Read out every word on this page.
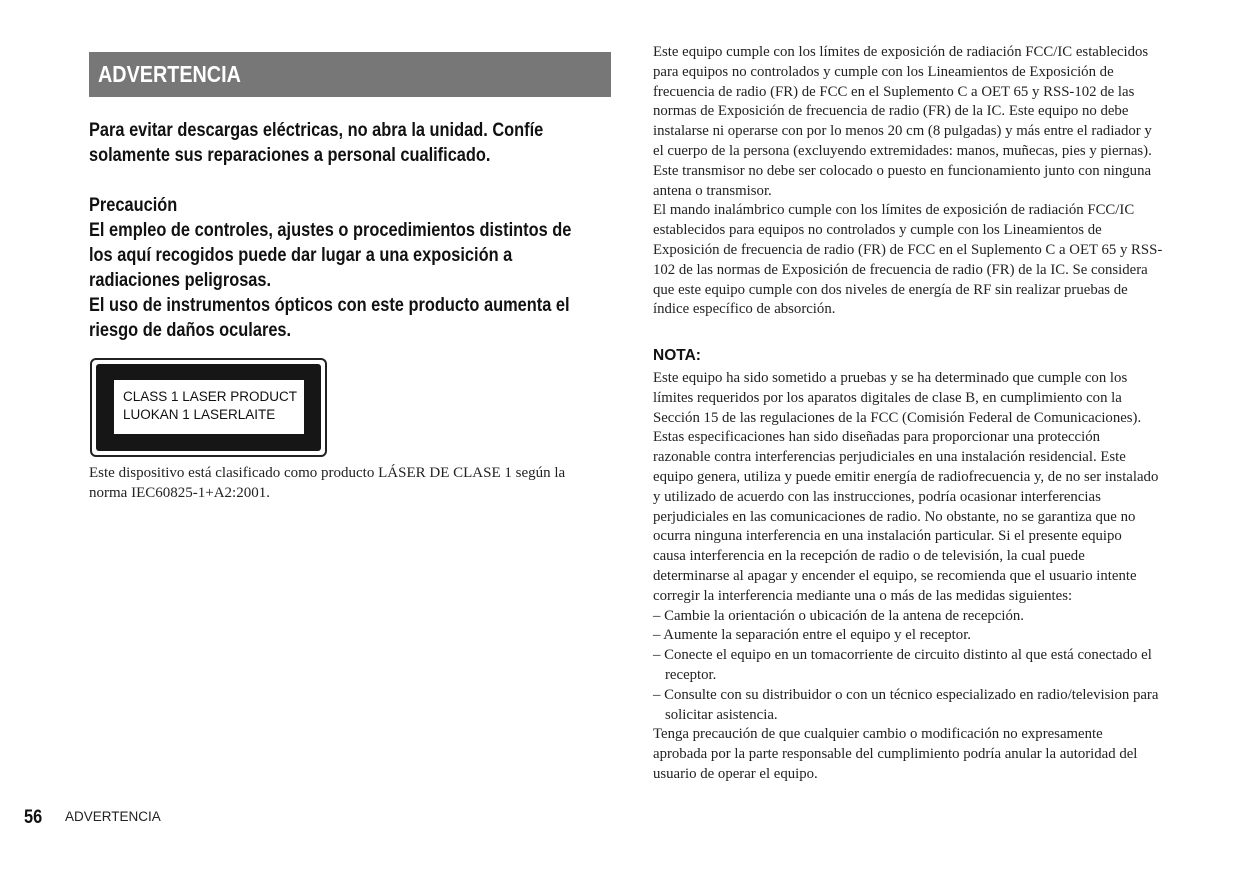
ADVERTENCIA
Para evitar descargas eléctricas, no abra la unidad. Confíe
solamente sus reparaciones a personal cualificado.
Precaución
El empleo de controles, ajustes o procedimientos distintos de
los aquí recogidos puede dar lugar a una exposición a
radiaciones peligrosas.
El uso de instrumentos ópticos con este producto aumenta el
riesgo de daños oculares.
CLASS 1 LASER PRODUCT
LUOKAN 1 LASERLAITE
Este dispositivo está clasificado como producto LÁSER DE CLASE 1 según la
norma IEC60825-1+A2:2001.
Este equipo cumple con los límites de exposición de radiación FCC/IC establecidos
para equipos no controlados y cumple con los Lineamientos de Exposición de
frecuencia de radio (FR) de FCC en el Suplemento C a OET 65 y RSS-102 de las
normas de Exposición de frecuencia de radio (FR) de la IC. Este equipo no debe
instalarse ni operarse con por lo menos 20 cm (8 pulgadas) y más entre el radiador y
el cuerpo de la persona (excluyendo extremidades: manos, muñecas, pies y piernas).
Este transmisor no debe ser colocado o puesto en funcionamiento junto con ninguna
antena o transmisor.
El mando inalámbrico cumple con los límites de exposición de radiación FCC/IC
establecidos para equipos no controlados y cumple con los Lineamientos de
Exposición de frecuencia de radio (FR) de FCC en el Suplemento C a OET 65 y RSS-
102 de las normas de Exposición de frecuencia de radio (FR) de la IC. Se considera
que este equipo cumple con dos niveles de energía de RF sin realizar pruebas de
índice específico de absorción.
NOTA:
Este equipo ha sido sometido a pruebas y se ha determinado que cumple con los
límites requeridos por los aparatos digitales de clase B, en cumplimiento con la
Sección 15 de las regulaciones de la FCC (Comisión Federal de Comunicaciones).
Estas especificaciones han sido diseñadas para proporcionar una protección
razonable contra interferencias perjudiciales en una instalación residencial. Este
equipo genera, utiliza y puede emitir energía de radiofrecuencia y, de no ser instalado
y utilizado de acuerdo con las instrucciones, podría ocasionar interferencias
perjudiciales en las comunicaciones de radio. No obstante, no se garantiza que no
ocurra ninguna interferencia en una instalación particular. Si el presente equipo
causa interferencia en la recepción de radio o de televisión, la cual puede
determinarse al apagar y encender el equipo, se recomienda que el usuario intente
corregir la interferencia mediante una o más de las medidas siguientes:
– Cambie la orientación o ubicación de la antena de recepción.
– Aumente la separación entre el equipo y el receptor.
– Conecte el equipo en un tomacorriente de circuito distinto al que está conectado el
receptor.
– Consulte con su distribuidor o con un técnico especializado en radio/television para
solicitar asistencia.
Tenga precaución de que cualquier cambio o modificación no expresamente
aprobada por la parte responsable del cumplimiento podría anular la autoridad del
usuario de operar el equipo.
56 ADVERTENCIA
